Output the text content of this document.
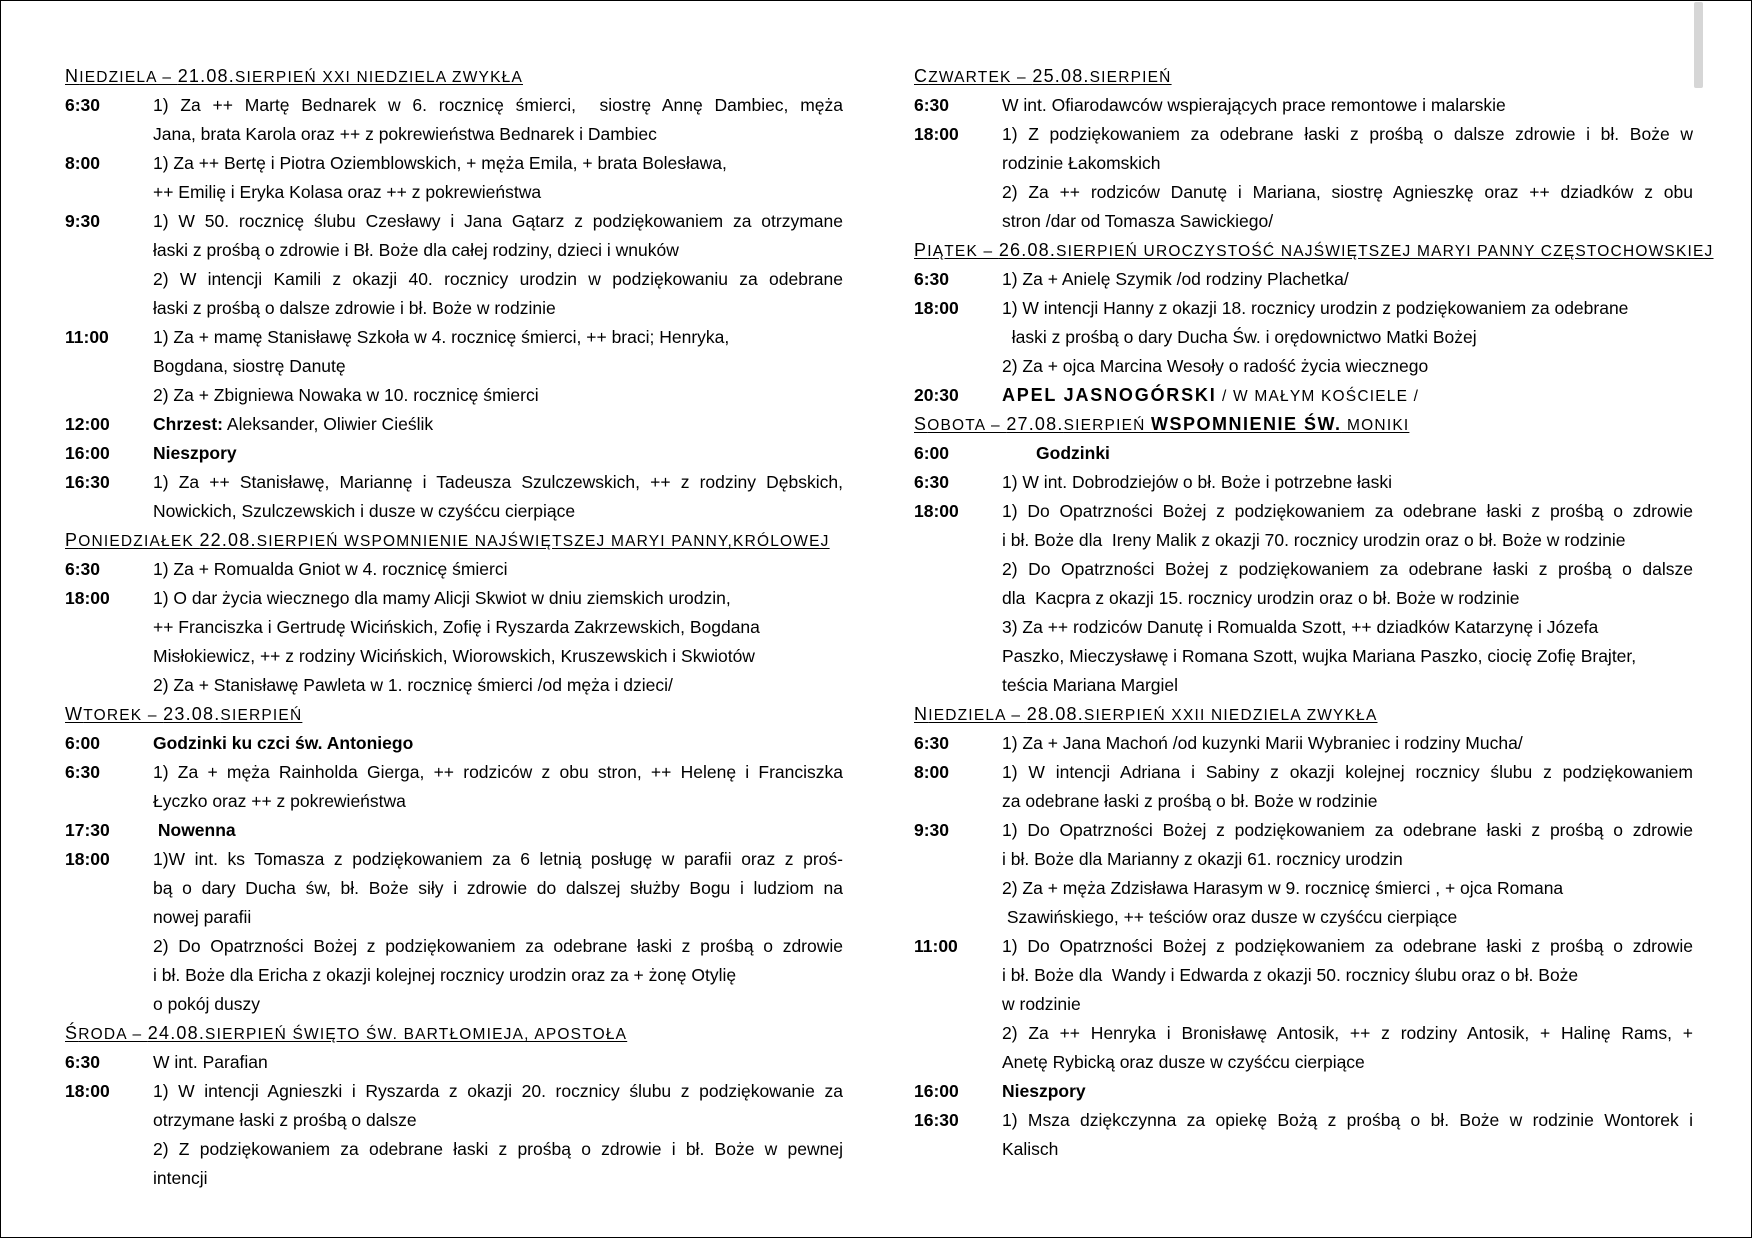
NIEDZIELA – 21.08.SIERPIEŃ XXI NIEDZIELA ZWYKŁA
6:30	1) Za ++ Martę Bednarek w 6. rocznicę śmierci,  siostrę Annę Dambiec, męża
Jana, brata Karola oraz ++ z pokrewieństwa Bednarek i Dambiec
8:00	1) Za ++ Bertę i Piotra Oziemblowskich, + męża Emila, + brata Bolesława,
++ Emilię i Eryka Kolasa oraz ++ z pokrewieństwa
9:30	1) W 50. rocznicę ślubu Czesławy i Jana Gątarz z podziękowaniem za otrzymane
łaski z prośbą o zdrowie i Bł. Boże dla całej rodziny, dzieci i wnuków
2) W intencji Kamili z okazji 40. rocznicy urodzin w podziękowaniu za odebrane
łaski z prośbą o dalsze zdrowie i bł. Boże w rodzinie
11:00	1) Za + mamę Stanisławę Szkoła w 4. rocznicę śmierci, ++ braci; Henryka,
Bogdana, siostrę Danutę
2) Za + Zbigniewa Nowaka w 10. rocznicę śmierci
12:00	Chrzest: Aleksander, Oliwier Cieślik
16:00	Nieszpory
16:30	1) Za ++ Stanisławę, Mariannę i Tadeusza Szulczewskich, ++ z rodziny Dębskich,
Nowickich, Szulczewskich i dusze w czyśćcu cierpiące
PONIEDZIAŁEK 22.08.SIERPIEŃ WSPOMNIENIE NAJŚWIĘTSZEJ MARYI PANNY,KRÓLOWEJ
6:30	1) Za + Romualda Gniot w 4. rocznicę śmierci
18:00	1) O dar życia wiecznego dla mamy Alicji Skwiot w dniu ziemskich urodzin,
++ Franciszka i Gertrudę Wicińskich, Zofię i Ryszarda Zakrzewskich, Bogdana
Misłokiewicz, ++ z rodziny Wicińskich, Wiorowskich, Kruszewskich i Skwiotów
2) Za + Stanisławę Pawleta w 1. rocznicę śmierci /od męża i dzieci/
WTOREK – 23.08.SIERPIEŃ
6:00	Godzinki ku czci św. Antoniego
6:30	1) Za + męża Rainholda Gierga, ++ rodziców z obu stron, ++ Helenę i Franciszka
Łyczko oraz ++ z pokrewieństwa
17:30	Nowenna
18:00	1)W int. ks Tomasza z podziękowaniem za 6 letnią posługę w parafii oraz z proś-
bą o dary Ducha św, bł. Boże siły i zdrowie do dalszej służby Bogu i ludziom na
nowej parafii
2) Do Opatrzności Bożej z podziękowaniem za odebrane łaski z prośbą o zdrowie
i bł. Boże dla Ericha z okazji kolejnej rocznicy urodzin oraz za + żonę Otylię
o pokój duszy
ŚRODA – 24.08.SIERPIEŃ ŚWIĘTO ŚW. BARTŁOMIEJA, APOSTOŁA
6:30	W int. Parafian
18:00	1) W intencji Agnieszki i Ryszarda z okazji 20. rocznicy ślubu z podziękowanie za
otrzymane łaski z prośbą o dalsze
2) Z podziękowaniem za odebrane łaski z prośbą o zdrowie i bł. Boże w pewnej
intencji
CZWARTEK – 25.08.SIERPIEŃ
6:30	W int. Ofiarodawców wspierających prace remontowe i malarskie
18:00	1) Z podziękowaniem za odebrane łaski z prośbą o dalsze zdrowie i bł. Boże w
rodzinie Łakomskich
2) Za ++ rodziców Danutę i Mariana, siostrę Agnieszkę oraz ++ dziadków z obu
stron /dar od Tomasza Sawickiego/
PIĄTEK – 26.08.SIERPIEŃ UROCZYSTOŚĆ NAJŚWIĘTSZEJ MARYI PANNY CZĘSTOCHOWSKIEJ
6:30	1) Za + Anielę Szymik /od rodziny Plachetka/
18:00	1) W intencji Hanny z okazji 18. rocznicy urodzin z podziękowaniem za odebrane
łaski z prośbą o dary Ducha Św. i orędownictwo Matki Bożej
2) Za + ojca Marcina Wesoły o radość życia wiecznego
20:30	APEL JASNOGÓRSKI / W MAŁYM KOŚCIELE /
SOBOTA – 27.08.SIERPIEŃ WSPOMNIENIE ŚW. MONIKI
6:00	Godzinki
6:30	1) W int. Dobrodziejów o bł. Boże i potrzebne łaski
18:00	1) Do Opatrzności Bożej z podziękowaniem za odebrane łaski z prośbą o zdrowie
i bł. Boże dla  Ireny Malik z okazji 70. rocznicy urodzin oraz o bł. Boże w rodzinie
2) Do Opatrzności Bożej z podziękowaniem za odebrane łaski z prośbą o dalsze
dla  Kacpra z okazji 15. rocznicy urodzin oraz o bł. Boże w rodzinie
3) Za ++ rodziców Danutę i Romualda Szott, ++ dziadków Katarzynę i Józefa
Paszko, Mieczysławę i Romana Szott, wujka Mariana Paszko, ciocię Zofię Brajter,
teścia Mariana Margiel
NIEDZIELA – 28.08.SIERPIEŃ XXII NIEDZIELA ZWYKŁA
6:30	1) Za + Jana Machoń /od kuzynki Marii Wybraniec i rodziny Mucha/
8:00	1) W intencji Adriana i Sabiny z okazji kolejnej rocznicy ślubu z podziękowaniem
za odebrane łaski z prośbą o bł. Boże w rodzinie
9:30	1) Do Opatrzności Bożej z podziękowaniem za odebrane łaski z prośbą o zdrowie
i bł. Boże dla Marianny z okazji 61. rocznicy urodzin
2) Za + męża Zdzisława Harasym w 9. rocznicę śmierci , + ojca Romana
Szawińskiego, ++ teściów oraz dusze w czyśćcu cierpiące
11:00	1) Do Opatrzności Bożej z podziękowaniem za odebrane łaski z prośbą o zdrowie
i bł. Boże dla  Wandy i Edwarda z okazji 50. rocznicy ślubu oraz o bł. Boże
w rodzinie
2) Za ++ Henryka i Bronisławę Antosik, ++ z rodziny Antosik, + Halinę Rams, +
Anetę Rybicką oraz dusze w czyśćcu cierpiące
16:00	Nieszpory
16:30	1) Msza dziękczynna za opiekę Bożą z prośbą o bł. Boże w rodzinie Wontorek i
Kalisch
